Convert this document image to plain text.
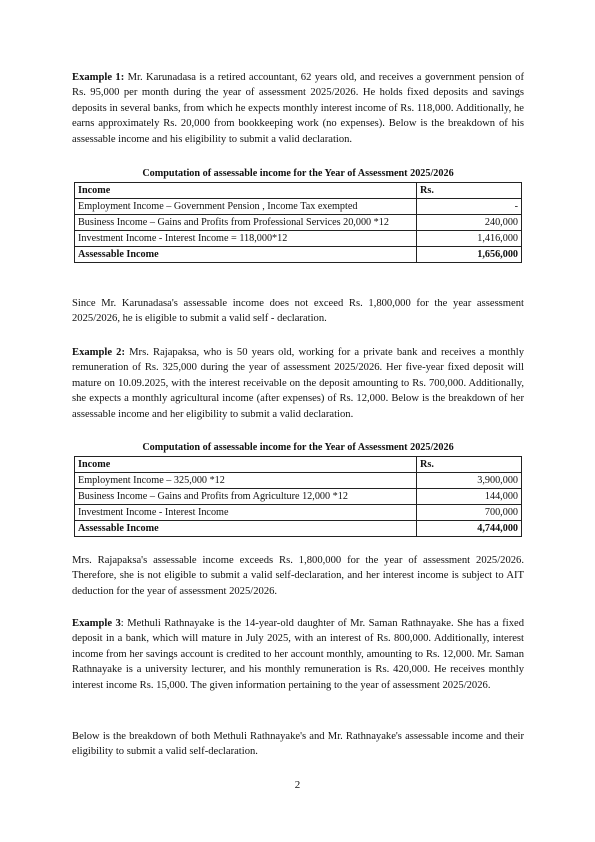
Example 1: Mr. Karunadasa is a retired accountant, 62 years old, and receives a government pension of Rs. 95,000 per month during the year of assessment 2025/2026. He holds fixed deposits and savings deposits in several banks, from which he expects monthly interest income of Rs. 118,000. Additionally, he earns approximately Rs. 20,000 from bookkeeping work (no expenses). Below is the breakdown of his assessable income and his eligibility to submit a valid declaration.

Computation of assessable income for the Year of Assessment 2025/2026

Income	Rs.
Employment Income – Government Pension , Income Tax exempted	-
Business Income – Gains and Profits from Professional Services 20,000 *12	240,000
Investment Income - Interest Income = 118,000*12	1,416,000
Assessable Income	1,656,000

Since Mr. Karunadasa's assessable income does not exceed Rs. 1,800,000 for the year assessment 2025/2026, he is eligible to submit a valid self - declaration.

Example 2: Mrs. Rajapaksa, who is 50 years old, working for a private bank and receives a monthly remuneration of Rs. 325,000 during the year of assessment 2025/2026. Her five-year fixed deposit will mature on 10.09.2025, with the interest receivable on the deposit amounting to Rs. 700,000. Additionally, she expects a monthly agricultural income (after expenses) of Rs. 12,000. Below is the breakdown of her assessable income and her eligibility to submit a valid declaration.

Computation of assessable income for the Year of Assessment 2025/2026

Income	Rs.
Employment Income – 325,000 *12	3,900,000
Business Income – Gains and Profits from Agriculture 12,000 *12	144,000
Investment Income - Interest Income	700,000
Assessable Income	4,744,000

Mrs. Rajapaksa's assessable income exceeds Rs. 1,800,000 for the year of assessment 2025/2026. Therefore, she is not eligible to submit a valid self-declaration, and her interest income is subject to AIT deduction for the year of assessment 2025/2026.

Example 3: Methuli Rathnayake is the 14-year-old daughter of Mr. Saman Rathnayake. She has a fixed deposit in a bank, which will mature in July 2025, with an interest of Rs. 800,000. Additionally, interest income from her savings account is credited to her account monthly, amounting to Rs. 12,000. Mr. Saman Rathnayake is a university lecturer, and his monthly remuneration is Rs. 420,000. He receives monthly interest income Rs. 15,000. The given information pertaining to the year of assessment 2025/2026.

Below is the breakdown of both Methuli Rathnayake's and Mr. Rathnayake's assessable income and their eligibility to submit a valid self-declaration.

2
